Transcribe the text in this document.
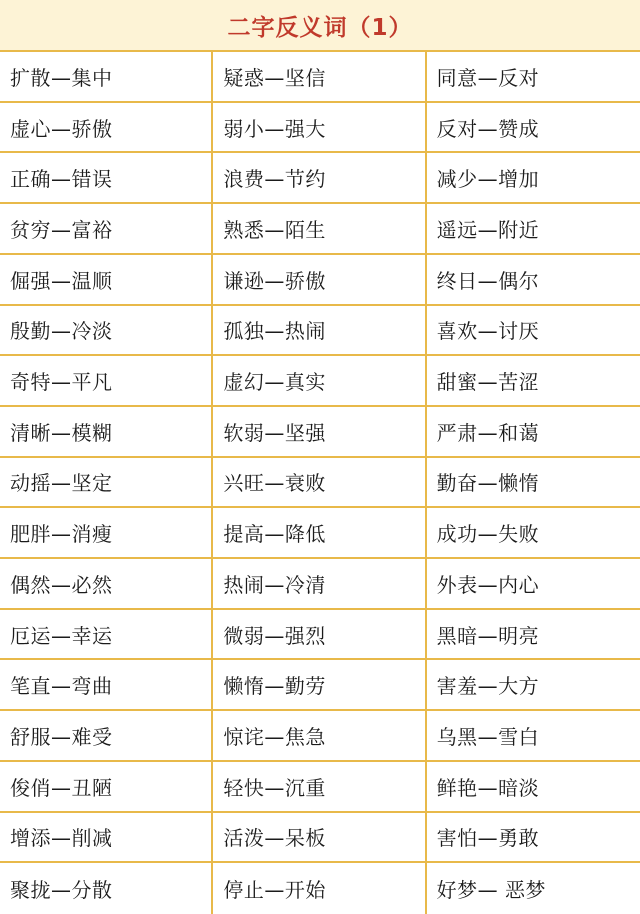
二字反义词（1）
扩散—集中	疑惑—坚信	同意—反对
虚心—骄傲	弱小—强大	反对—赞成
正确—错误	浪费—节约	减少—增加
贫穷—富裕	熟悉—陌生	遥远—附近
倔强—温顺	谦逊—骄傲	终日—偶尔
殷勤—冷淡	孤独—热闹	喜欢—讨厌
奇特—平凡	虚幻—真实	甜蜜—苦涩
清晰—模糊	软弱—坚强	严肃—和蔼
动摇—坚定	兴旺—衰败	勤奋—懒惰
肥胖—消瘦	提高—降低	成功—失败
偶然—必然	热闹—冷清	外表—内心
厄运—幸运	微弱—强烈	黑暗—明亮
笔直—弯曲	懒惰—勤劳	害羞—大方
舒服—难受	惊诧—焦急	乌黑—雪白
俊俏—丑陋	轻快—沉重	鲜艳—暗淡
增添—削减	活泼—呆板	害怕—勇敢
聚拢—分散	停止—开始	好梦— 恶梦
